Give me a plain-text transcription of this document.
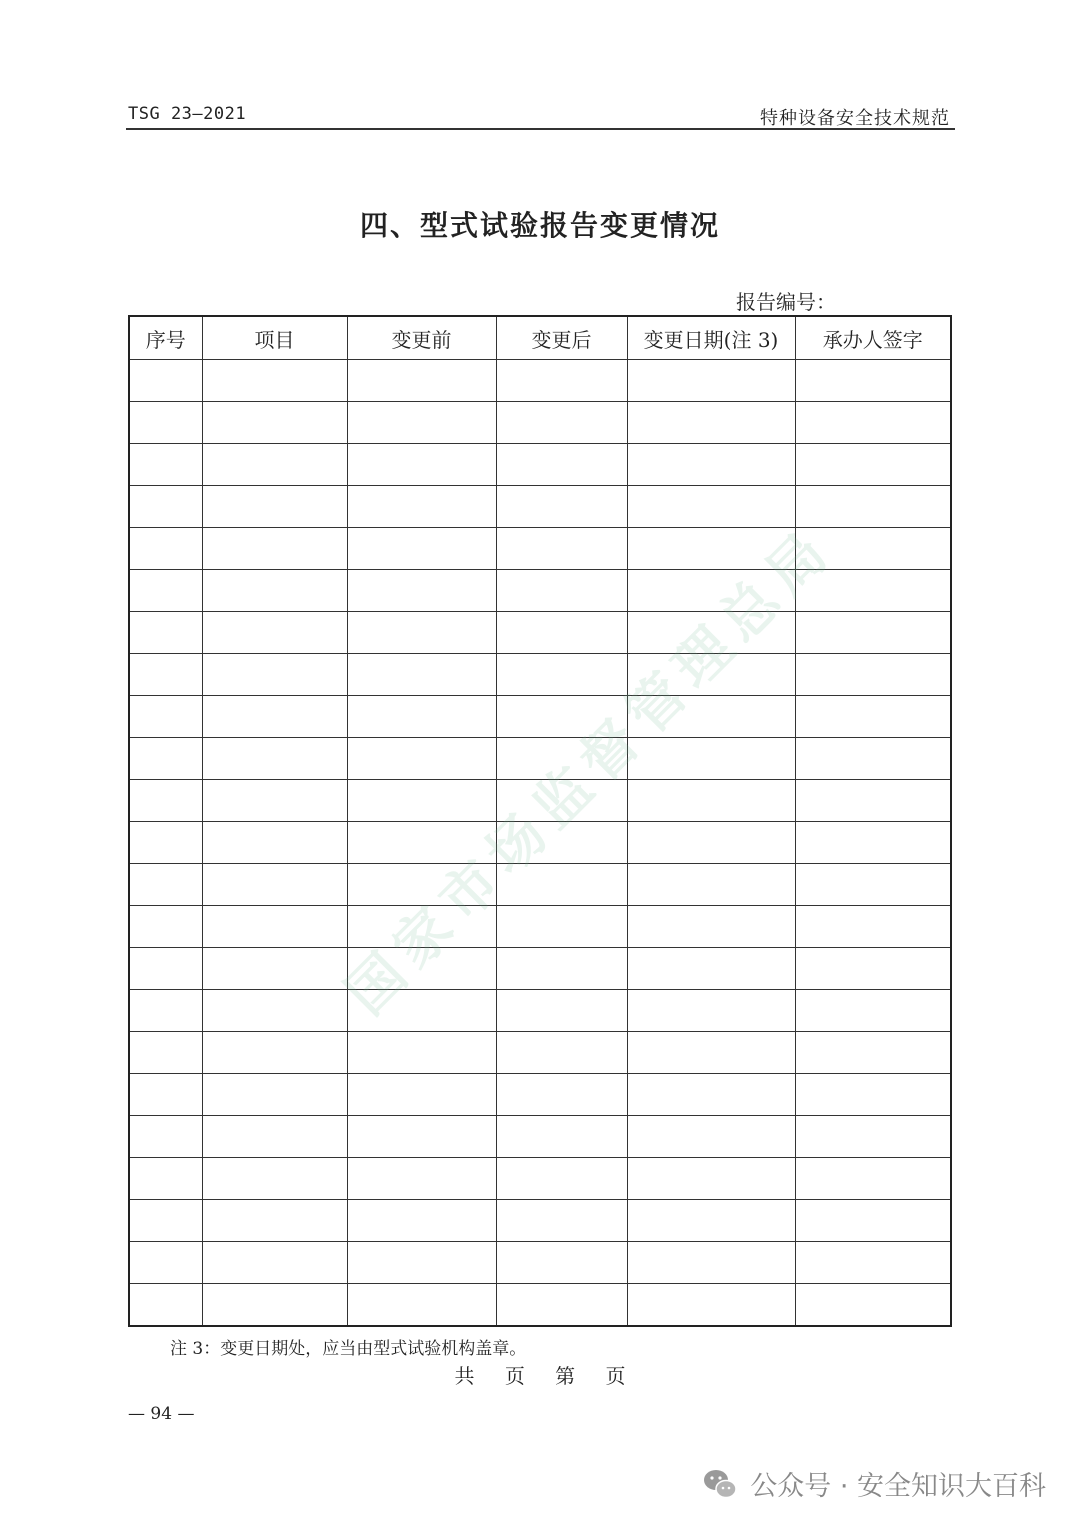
TSG 23—2021	特种设备安全技术规范
四、型式试验报告变更情况
报告编号：
序号	项目	变更前	变更后	变更日期(注 3)	承办人签字

国家市场监督管理总局
注 3：变更日期处，应当由型式试验机构盖章。
共 页 第 页
— 94 —
公众号 · 安全知识大百科
